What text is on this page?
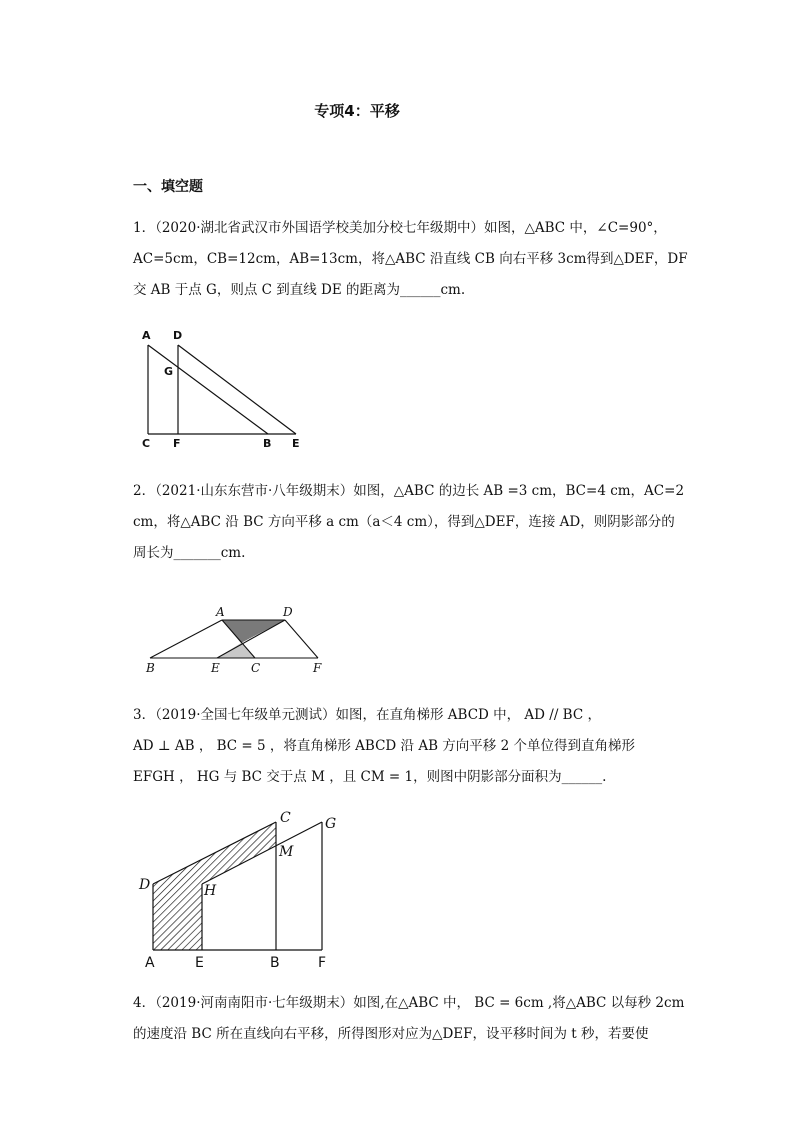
专项4：平移
一、填空题
1．（2020·湖北省武汉市外国语学校美加分校七年级期中）如图，△ABC 中，∠C=90°，
AC=5cm，CB=12cm，AB=13cm，将△ABC 沿直线 CB 向右平移 3cm得到△DEF，DF
交 AB 于点 G，则点 C 到直线 DE 的距离为______cm.
A D
G
C F	B E
2．（2021·山东东营市·八年级期末）如图，△ABC 的边长 AB =3 cm，BC=4 cm，AC=2
cm，将△ABC 沿 BC 方向平移 a cm（a＜4 cm），得到△DEF，连接 AD，则阴影部分的
周长为_______cm.
A	D
B	E	C	F
3．（2019·全国七年级单元测试）如图，在直角梯形 ABCD 中， AD // BC ，
AD ⊥ AB ， BC = 5 ，将直角梯形 ABCD 沿 AB 方向平移 2 个单位得到直角梯形
EFGH ， HG 与 BC 交于点 M ，且 CM = 1，则图中阴影部分面积为______.
C G
M
D	H
A	E	B	F
4．（2019·河南南阳市·七年级期末）如图,在△ABC 中， BC = 6cm ,将△ABC 以每秒 2cm
的速度沿 BC 所在直线向右平移，所得图形对应为△DEF，设平移时间为 t 秒，若要使
